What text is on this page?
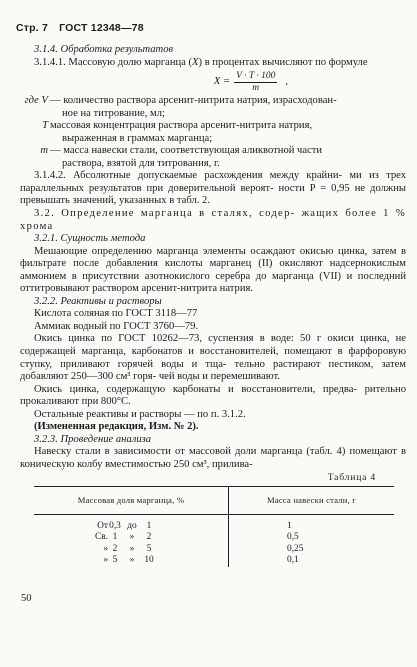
Стр. 7 ГОСТ 12348—78

3.1.4. Обработка результатов

3.1.4.1. Массовую долю марганца (X) в процентах вычисляют по формуле

$X = \frac{V \cdot T \cdot 100}{m}$ ,
где V — количество раствора арсенит-нитрита натрия, израсходован-
ное на титрование, мл;
T массовая концентрация раствора арсенит-нитрита натрия,
выраженная в граммах марганца;
m — масса навески стали, соответствующая аликвотной части
раствора, взятой для титрования, г.

3.1.4.2. Абсолютные допускаемые расхождения между крайни- ми из трех параллельных результатов при доверительной вероят- ности P = 0,95 не должны превышать значений, указанных в табл. 2.

3.2. Определение марганца в сталях, содер- жащих более 1 % хрома

3.2.1. Сущность метода

Мешающие определению марганца элементы осаждают окисью цинка, затем в фильтрате после добавления кислоты марганец (II) окисляют надсернокислым аммонием в присутствии азотнокислого серебра до марганца (VII) и последний оттитровывают раствором арсенит-нитрита натрия.

3.2.2. Реактивы и растворы

Кислота соляная по ГОСТ 3118—77

Аммиак водный по ГОСТ 3760—79.

Окись цинка по ГОСТ 10262—73, суспензия в воде: 50 г окиси цинка, не содержащей марганца, карбонатов и восстановителей, помещают в фарфоровую ступку, приливают горячей воды и тща- тельно растирают пестиком, затем добавляют 250—300 см³ горя- чей воды и перемешивают.

Окись цинка, содержащую карбонаты и восстановители, предва- рительно прокаливают при 800°С.

Остальные реактивы и растворы — по п. 3.1.2.

(Измененная редакция, Изм. № 2).

3.2.3. Проведение анализа

Навеску стали в зависимости от массовой доли марганца (табл. 4) помещают в коническую колбу вместимостью 250 см³, прилива-

Таблица 4
Массовая доля марганца, %	Масса навески стали, г

От 0,3 до 1	1

Св. 1 » 2	0,5

» 2 » 5	0,25

» 5 » 10	0,1
50
